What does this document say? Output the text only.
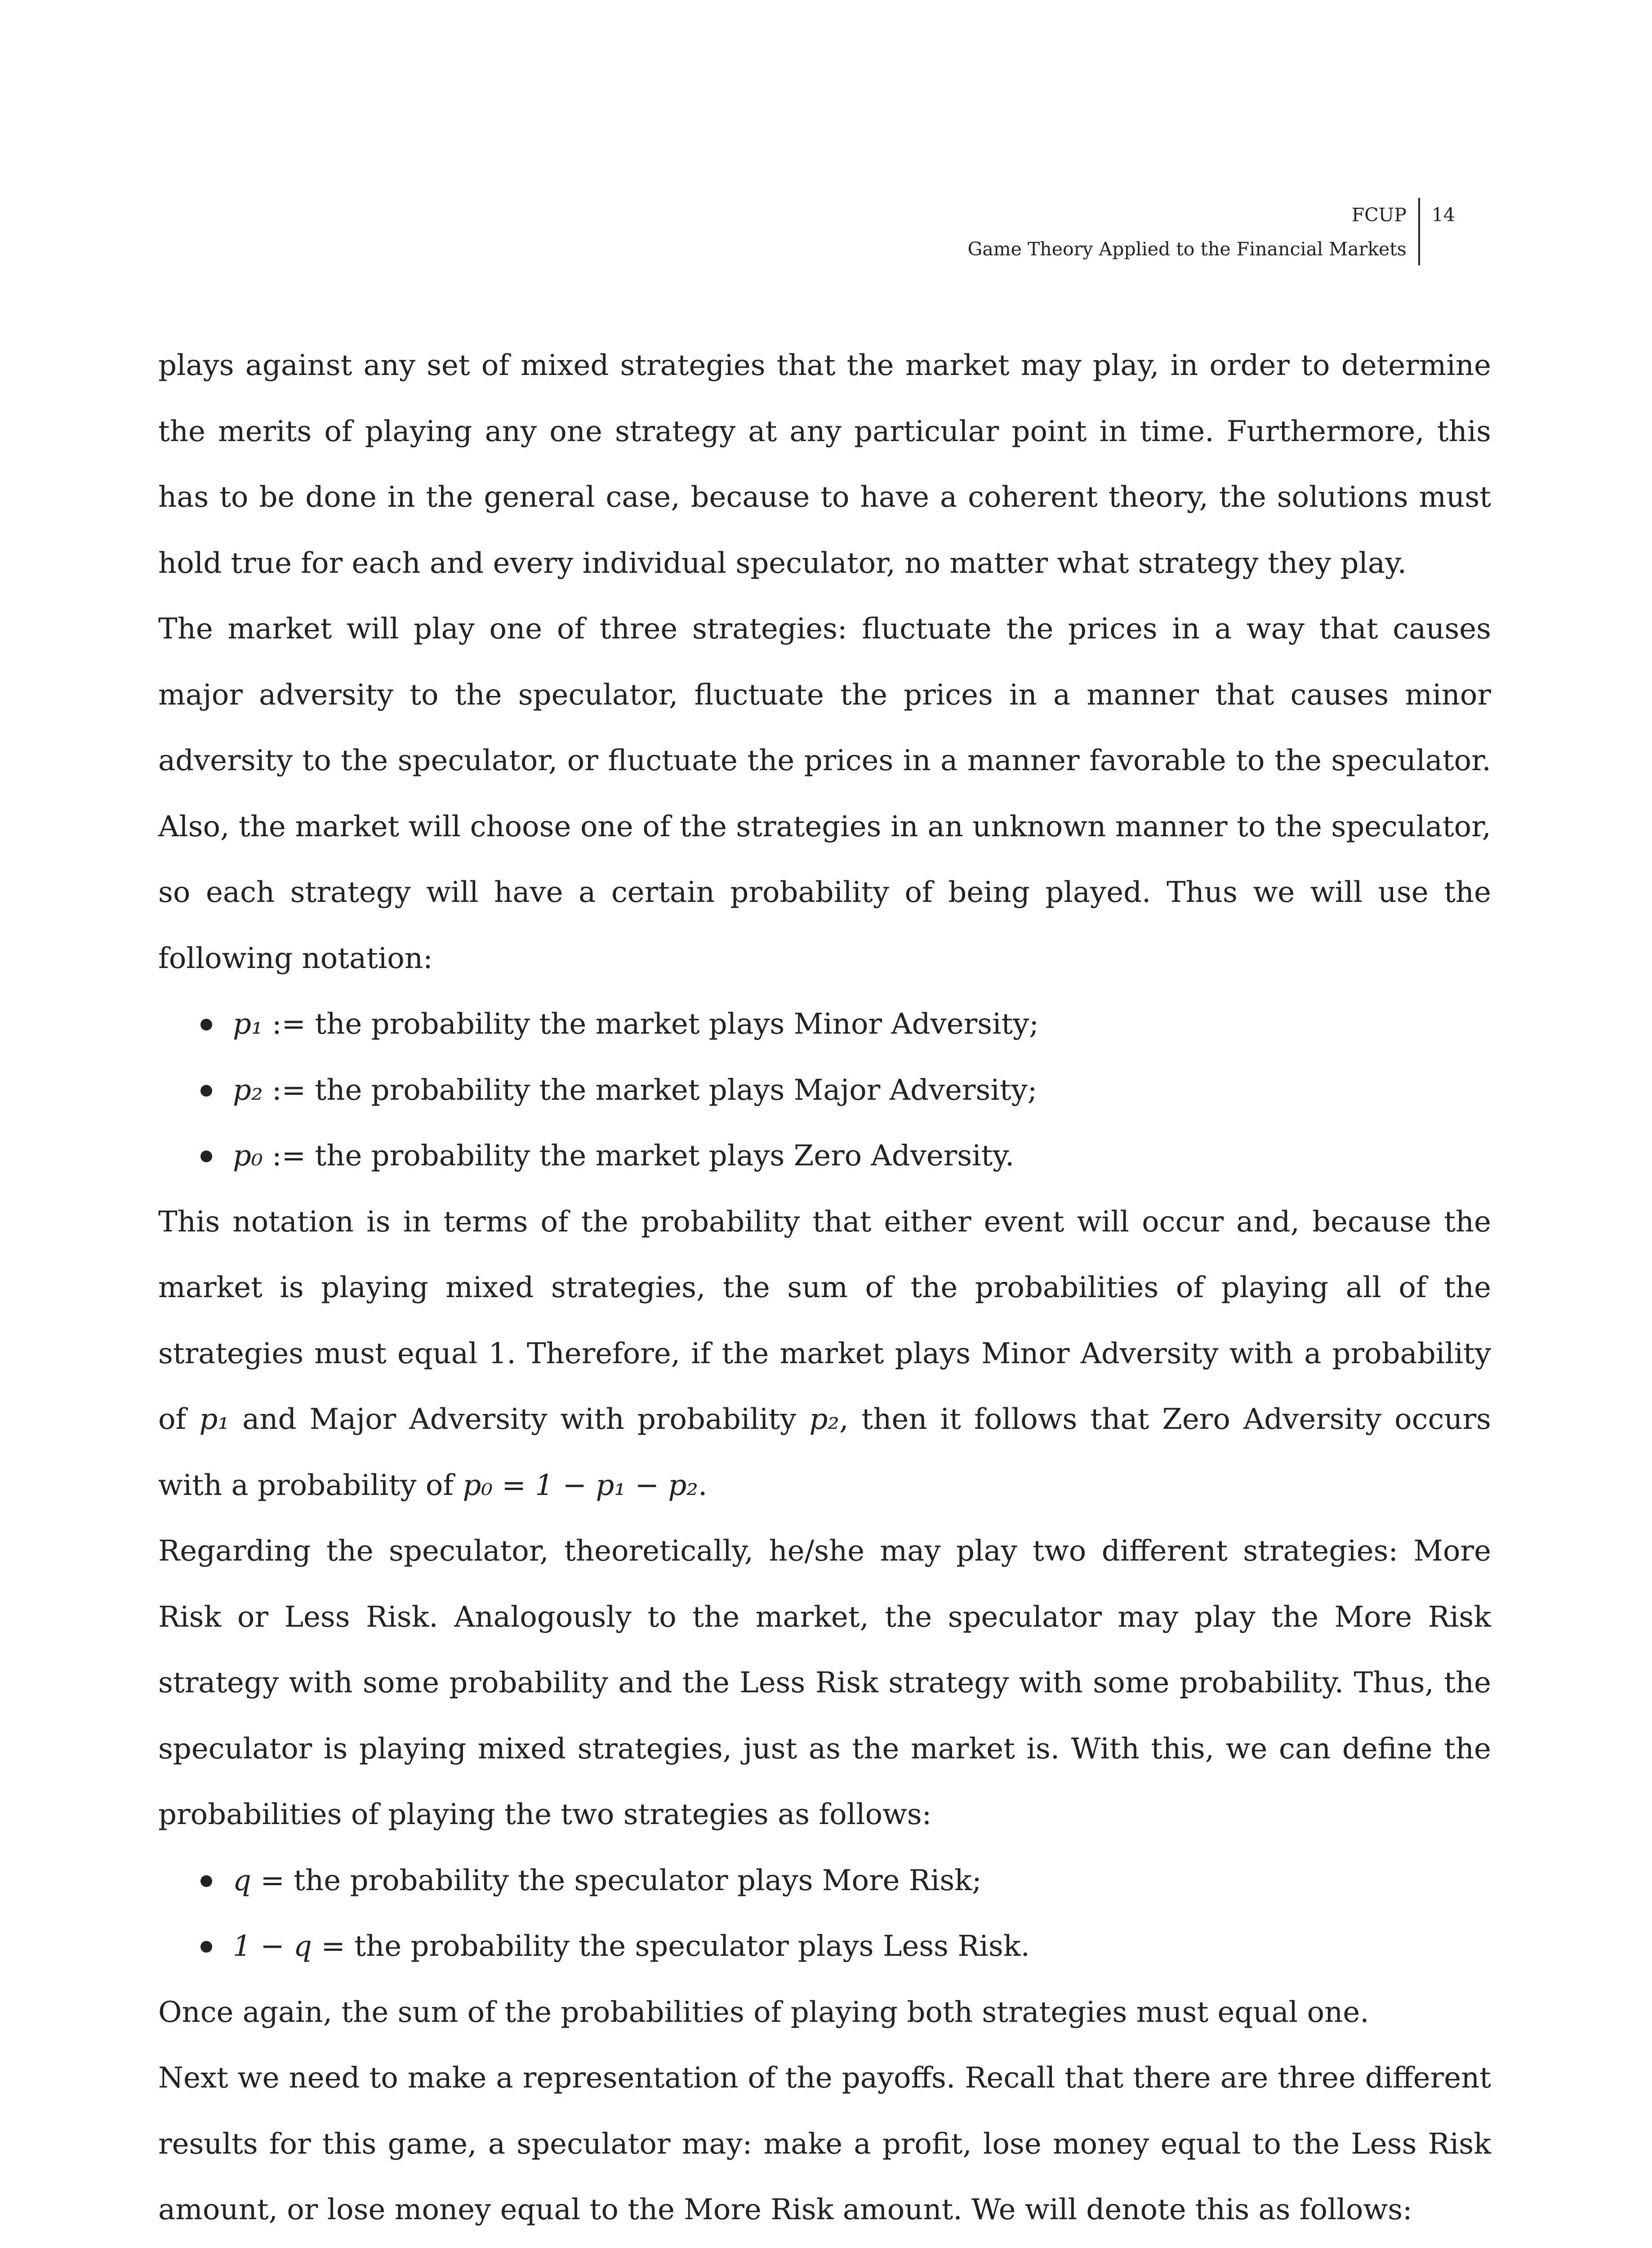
FCUP
Game Theory Applied to the Financial Markets
14

plays against any set of mixed strategies that the market may play, in order to determine the merits of playing any one strategy at any particular point in time. Furthermore, this has to be done in the general case, because to have a coherent theory, the solutions must hold true for each and every individual speculator, no matter what strategy they play.

The market will play one of three strategies: fluctuate the prices in a way that causes major adversity to the speculator, fluctuate the prices in a manner that causes minor adversity to the speculator, or fluctuate the prices in a manner favorable to the speculator. Also, the market will choose one of the strategies in an unknown manner to the speculator, so each strategy will have a certain probability of being played. Thus we will use the following notation:

p₁ := the probability the market plays Minor Adversity;
p₂ := the probability the market plays Major Adversity;
p₀ := the probability the market plays Zero Adversity.

This notation is in terms of the probability that either event will occur and, because the market is playing mixed strategies, the sum of the probabilities of playing all of the strategies must equal 1. Therefore, if the market plays Minor Adversity with a probability of p₁ and Major Adversity with probability p₂, then it follows that Zero Adversity occurs with a probability of p₀ = 1 − p₁ − p₂.

Regarding the speculator, theoretically, he/she may play two different strategies: More Risk or Less Risk. Analogously to the market, the speculator may play the More Risk strategy with some probability and the Less Risk strategy with some probability. Thus, the speculator is playing mixed strategies, just as the market is. With this, we can define the probabilities of playing the two strategies as follows:

q = the probability the speculator plays More Risk;
1 − q = the probability the speculator plays Less Risk.

Once again, the sum of the probabilities of playing both strategies must equal one.

Next we need to make a representation of the payoffs. Recall that there are three different results for this game, a speculator may: make a profit, lose money equal to the Less Risk amount, or lose money equal to the More Risk amount. We will denote this as follows:
